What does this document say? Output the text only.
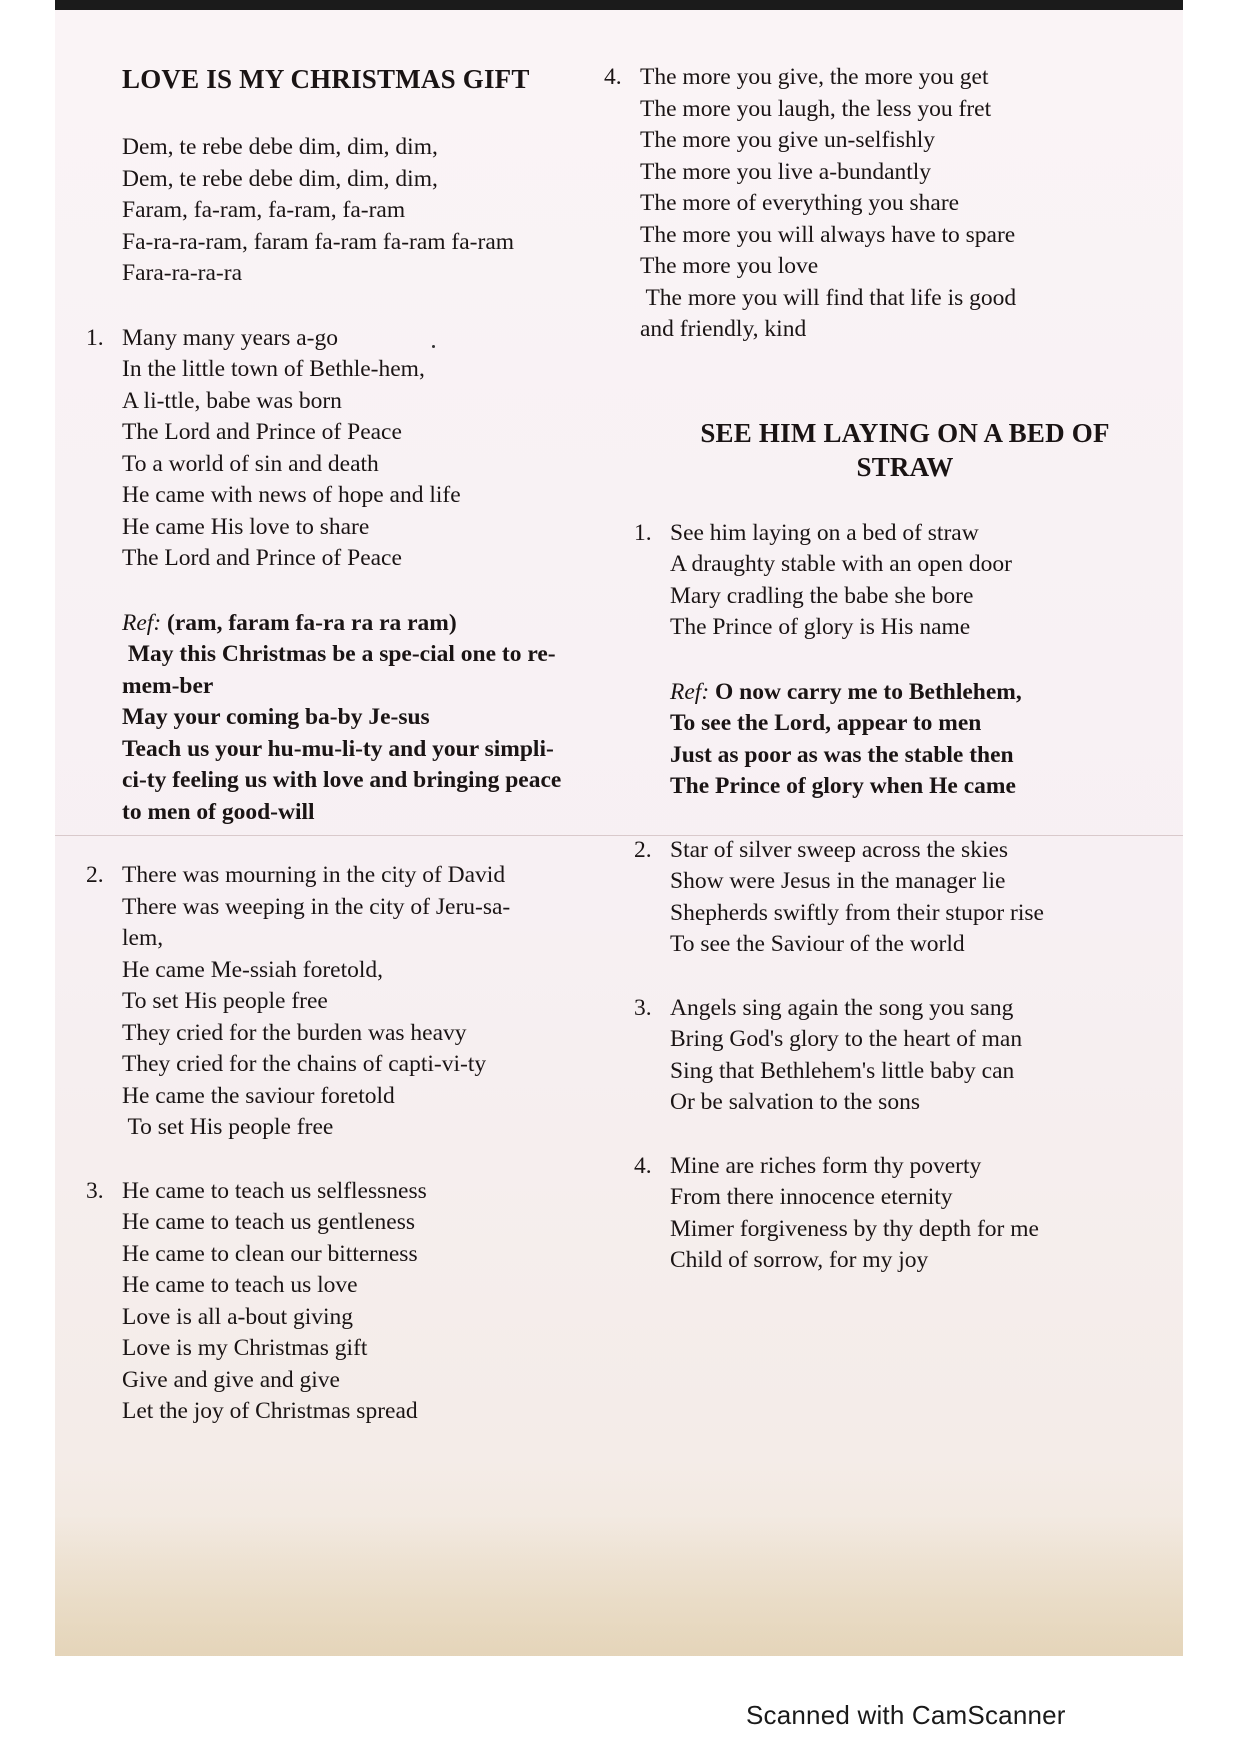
LOVE IS MY CHRISTMAS GIFT
Dem, te rebe debe dim, dim, dim,
Dem, te rebe debe dim, dim, dim,
Faram, fa-ram, fa-ram, fa-ram
Fa-ra-ra-ram, faram fa-ram fa-ram fa-ram
Fara-ra-ra-ra
1. Many many years a-go
In the little town of Bethle-hem,
A li-ttle, babe was born
The Lord and Prince of Peace
To a world of sin and death
He came with news of hope and life
He came His love to share
The Lord and Prince of Peace
Ref: (ram, faram fa-ra ra ra ram)
May this Christmas be a spe-cial one to re-
mem-ber
May your coming ba-by Je-sus
Teach us your hu-mu-li-ty and your simpli-
ci-ty feeling us with love and bringing peace
to men of good-will
2. There was mourning in the city of David
There was weeping in the city of Jeru-sa-
lem,
He came Me-ssiah foretold,
To set His people free
They cried for the burden was heavy
They cried for the chains of capti-vi-ty
He came the saviour foretold
To set His people free
3. He came to teach us selflessness
He came to teach us gentleness
He came to clean our bitterness
He came to teach us love
Love is all a-bout giving
Love is my Christmas gift
Give and give and give
Let the joy of Christmas spread
4. The more you give, the more you get
The more you laugh, the less you fret
The more you give un-selfishly
The more you live a-bundantly
The more of everything you share
The more you will always have to spare
The more you love
The more you will find that life is good
and friendly, kind
SEE HIM LAYING ON A BED OF
STRAW
1. See him laying on a bed of straw
A draughty stable with an open door
Mary cradling the babe she bore
The Prince of glory is His name
Ref: O now carry me to Bethlehem,
To see the Lord, appear to men
Just as poor as was the stable then
The Prince of glory when He came
2. Star of silver sweep across the skies
Show were Jesus in the manager lie
Shepherds swiftly from their stupor rise
To see the Saviour of the world
3. Angels sing again the song you sang
Bring God's glory to the heart of man
Sing that Bethlehem's little baby can
Or be salvation to the sons
4. Mine are riches form thy poverty
From there innocence eternity
Mimer forgiveness by thy depth for me
Child of sorrow, for my joy
Scanned with CamScanner
